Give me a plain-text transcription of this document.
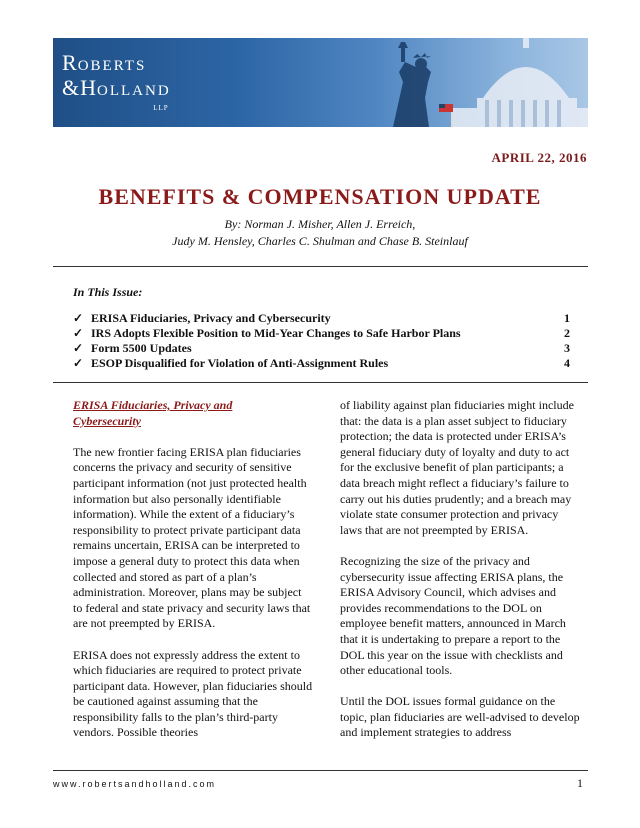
ROBERTS
&HOLLAND
LLP
APRIL 22, 2016
BENEFITS & COMPENSATION UPDATE
By: Norman J. Misher, Allen J. Erreich,
Judy M. Hensley, Charles C. Shulman and Chase B. Steinlauf
In This Issue:
✓ ERISA Fiduciaries, Privacy and Cybersecurity	1
✓ IRS Adopts Flexible Position to Mid-Year Changes to Safe Harbor Plans	2
✓ Form 5500 Updates	3
✓ ESOP Disqualified for Violation of Anti-Assignment Rules	4
ERISA Fiduciaries, Privacy and
Cybersecurity

The new frontier facing ERISA plan fiduciaries concerns the privacy and security of sensitive participant information (not just protected health information but also personally identifiable information). While the extent of a fiduciary’s responsibility to protect private participant data remains uncertain, ERISA can be interpreted to impose a general duty to protect this data when collected and stored as part of a plan’s administration. Moreover, plans may be subject to federal and state privacy and security laws that are not preempted by ERISA.

ERISA does not expressly address the extent to which fiduciaries are required to protect private participant data. However, plan fiduciaries should be cautioned against assuming that the responsibility falls to the plan’s third-party vendors. Possible theories

of liability against plan fiduciaries might include that: the data is a plan asset subject to fiduciary protection; the data is protected under ERISA’s general fiduciary duty of loyalty and duty to act for the exclusive benefit of plan participants; a data breach might reflect a fiduciary’s failure to carry out his duties prudently; and a breach may violate state consumer protection and privacy laws that are not preempted by ERISA.

Recognizing the size of the privacy and cybersecurity issue affecting ERISA plans, the ERISA Advisory Council, which advises and provides recommendations to the DOL on employee benefit matters, announced in March that it is undertaking to prepare a report to the DOL this year on the issue with checklists and other educational tools.

Until the DOL issues formal guidance on the topic, plan fiduciaries are well-advised to develop and implement strategies to address

www.robertsandholland.com	1
